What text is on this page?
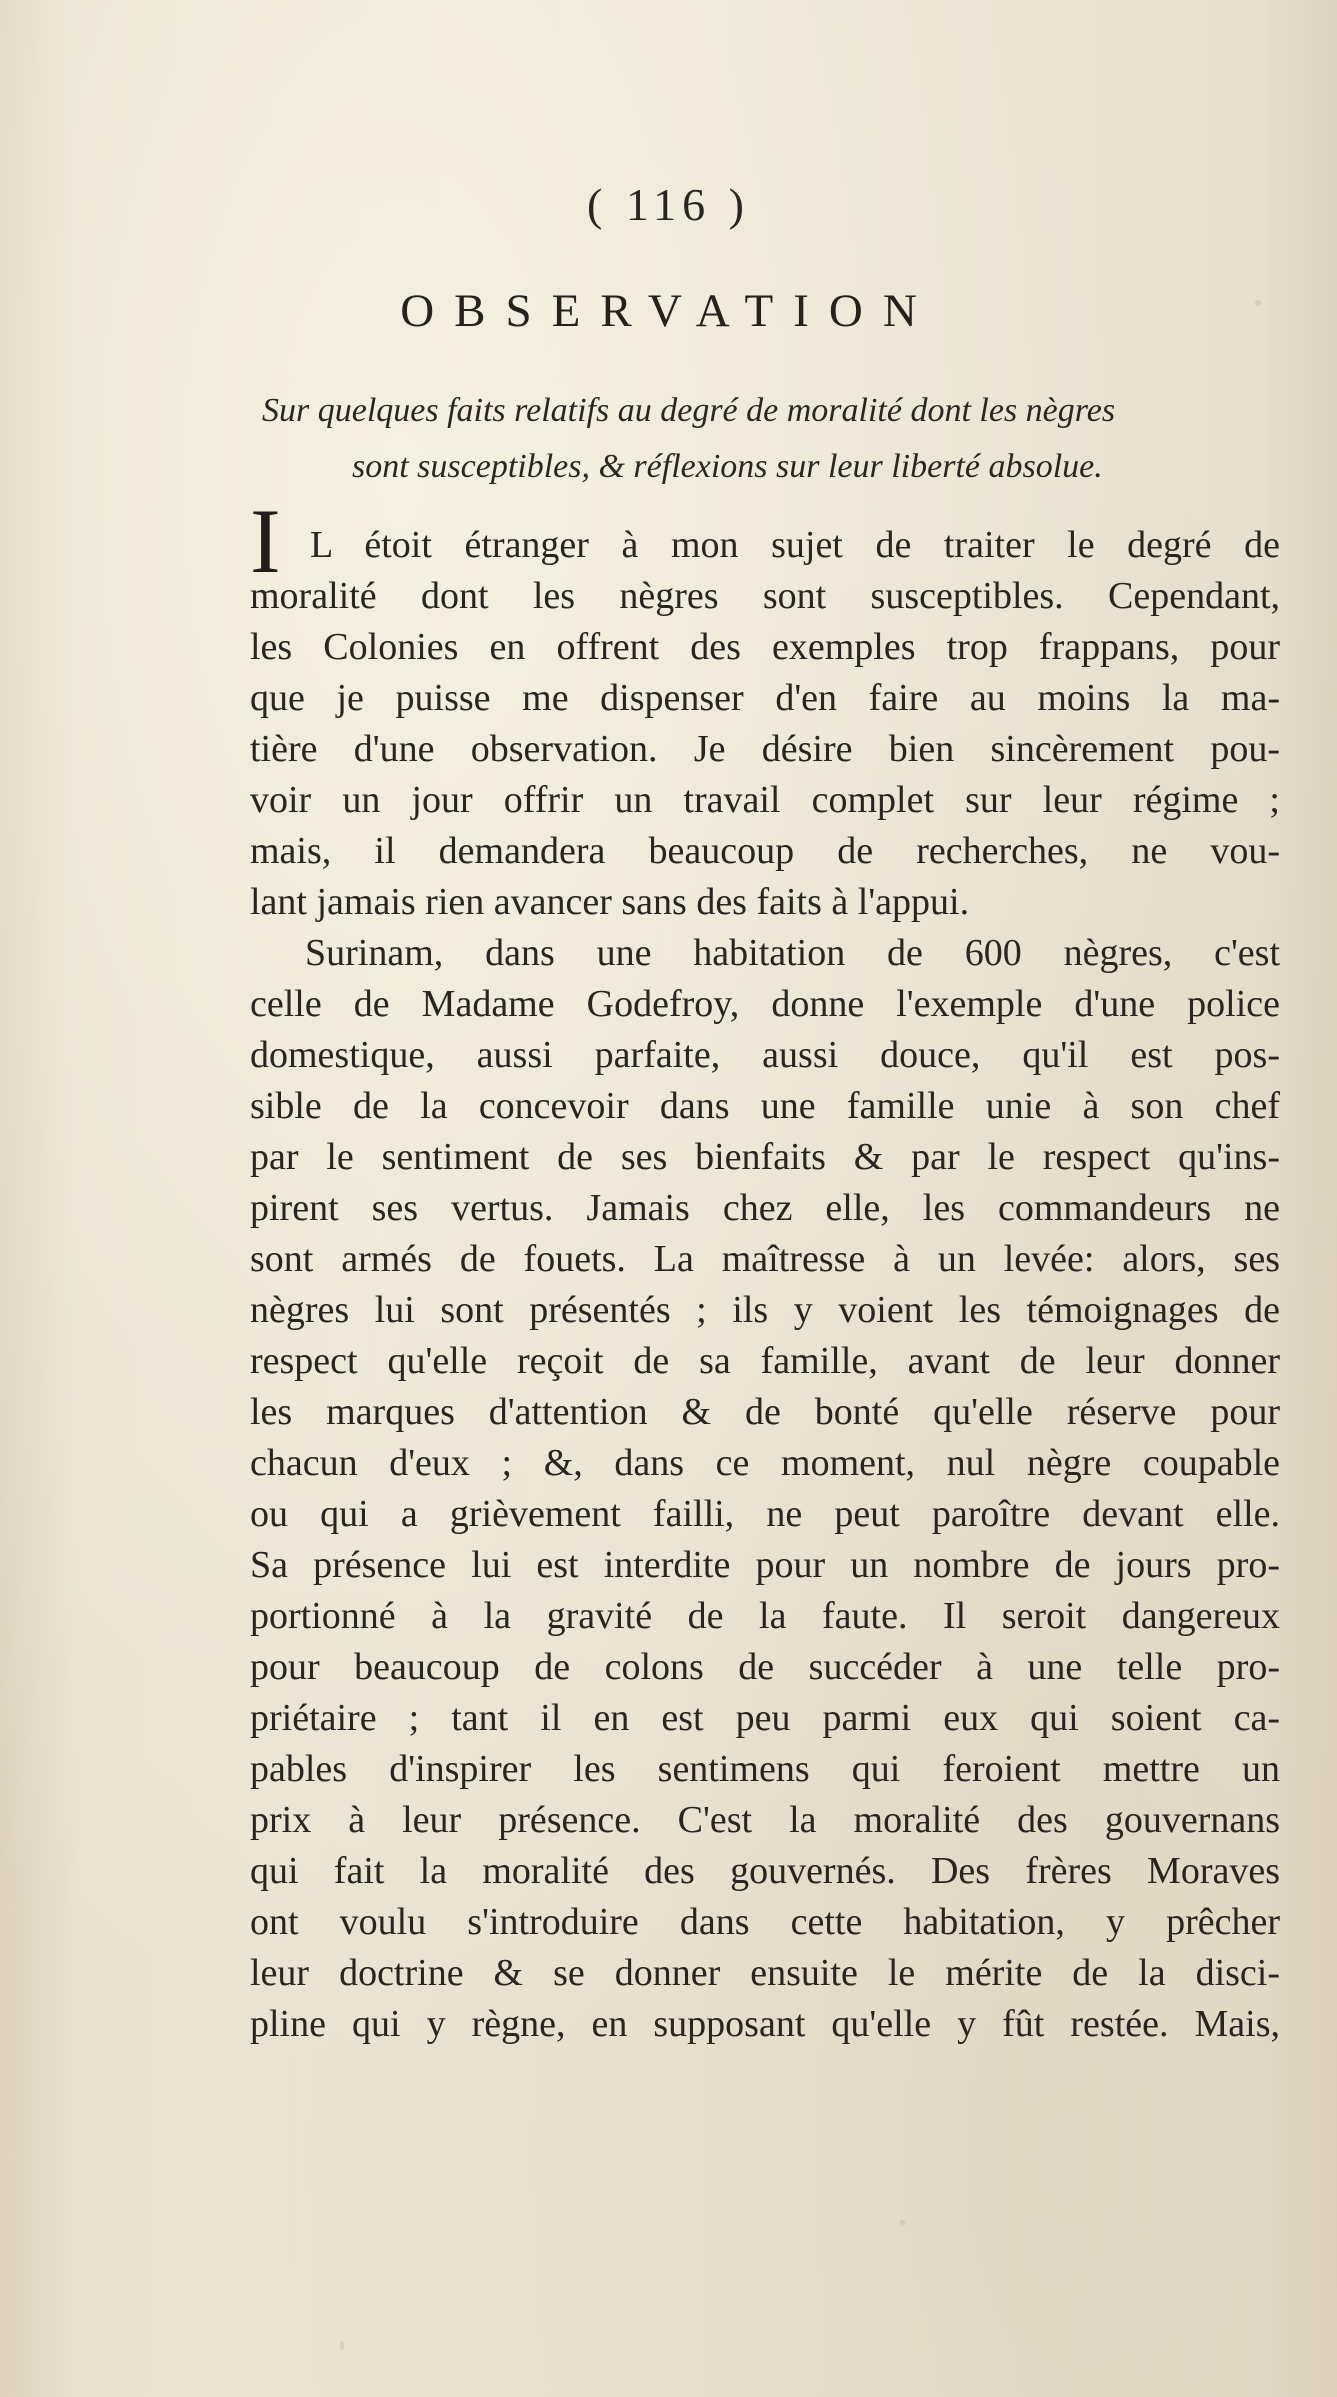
( 116 )
OBSERVATION
Sur quelques faits relatifs au degré de moralité dont les nègres
sont susceptibles, & réflexions sur leur liberté absolue.
I L étoit étranger à mon sujet de traiter le degré de
moralité dont les nègres sont susceptibles. Cependant,
les Colonies en offrent des exemples trop frappans, pour
que je puisse me dispenser d'en faire au moins la ma-
tière d'une observation. Je désire bien sincèrement pou-
voir un jour offrir un travail complet sur leur régime ;
mais, il demandera beaucoup de recherches, ne vou-
lant jamais rien avancer sans des faits à l'appui.
Surinam, dans une habitation de 600 nègres, c'est
celle de Madame Godefroy, donne l'exemple d'une police
domestique, aussi parfaite, aussi douce, qu'il est pos-
sible de la concevoir dans une famille unie à son chef
par le sentiment de ses bienfaits & par le respect qu'ins-
pirent ses vertus. Jamais chez elle, les commandeurs ne
sont armés de fouets. La maîtresse à un levée: alors, ses
nègres lui sont présentés ; ils y voient les témoignages de
respect qu'elle reçoit de sa famille, avant de leur donner
les marques d'attention & de bonté qu'elle réserve pour
chacun d'eux ; &, dans ce moment, nul nègre coupable
ou qui a grièvement failli, ne peut paroître devant elle.
Sa présence lui est interdite pour un nombre de jours pro-
portionné à la gravité de la faute. Il seroit dangereux
pour beaucoup de colons de succéder à une telle pro-
priétaire ; tant il en est peu parmi eux qui soient ca-
pables d'inspirer les sentimens qui feroient mettre un
prix à leur présence. C'est la moralité des gouvernans
qui fait la moralité des gouvernés. Des frères Moraves
ont voulu s'introduire dans cette habitation, y prêcher
leur doctrine & se donner ensuite le mérite de la disci-
pline qui y règne, en supposant qu'elle y fût restée. Mais,
